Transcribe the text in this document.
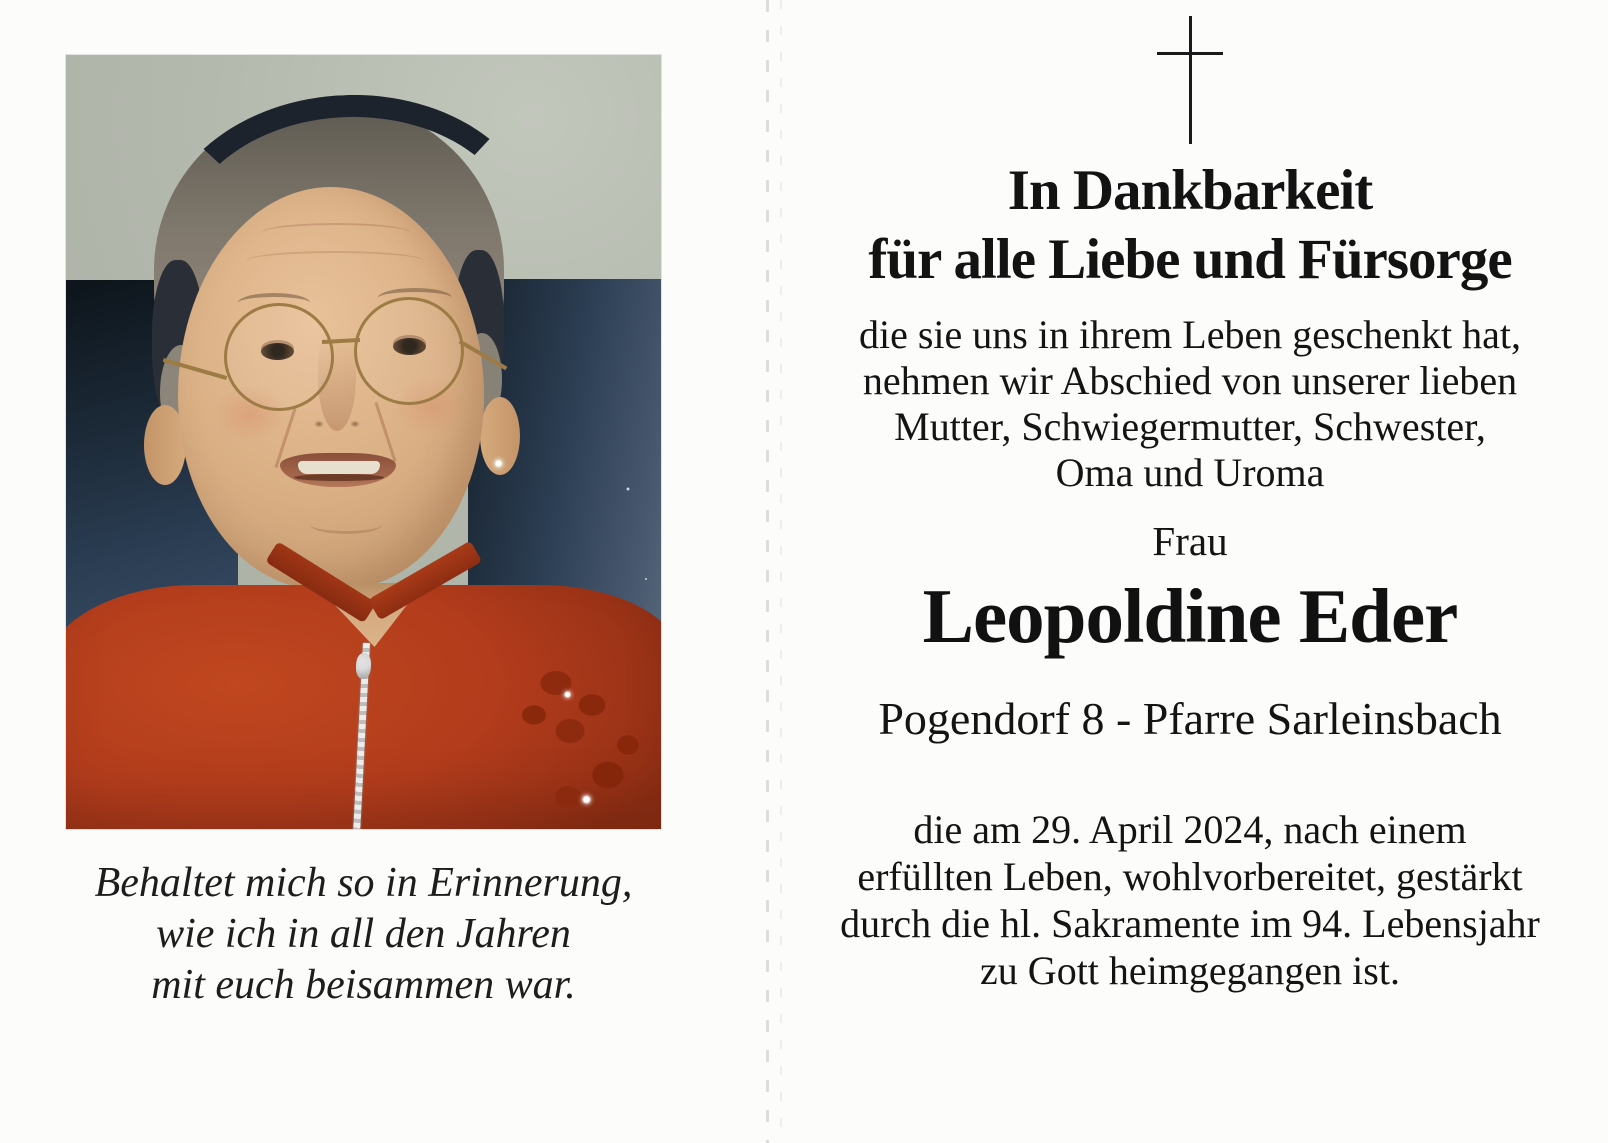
Behaltet mich so in Erinnerung,
wie ich in all den Jahren
mit euch beisammen war.
In Dankbarkeit
für alle Liebe und Fürsorge
die sie uns in ihrem Leben geschenkt hat,
nehmen wir Abschied von unserer lieben
Mutter, Schwiegermutter, Schwester,
Oma und Uroma
Frau
Leopoldine Eder
Pogendorf 8 - Pfarre Sarleinsbach
die am 29. April 2024, nach einem
erfüllten Leben, wohlvorbereitet, gestärkt
durch die hl. Sakramente im 94. Lebensjahr
zu Gott heimgegangen ist.
